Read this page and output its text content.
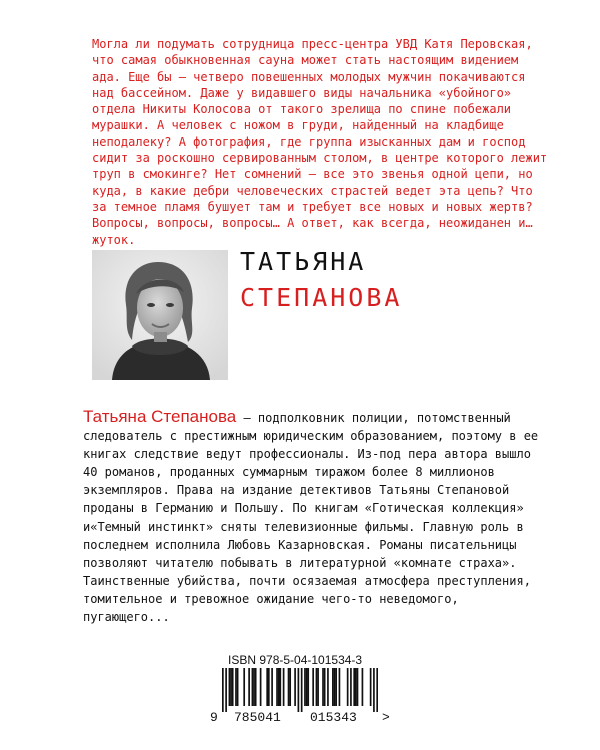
Могла ли подумать сотрудница пресс-центра УВД Катя Перовская,
что самая обыкновенная сауна может стать настоящим видением
ада. Еще бы – четверо повешенных молодых мужчин покачиваются
над бассейном. Даже у видавшего виды начальника «убойного»
отдела Никиты Колосова от такого зрелища по спине побежали
мурашки. А человек с ножом в груди, найденный на кладбище
неподалеку? А фотография, где группа изысканных дам и господ
сидит за роскошно сервированным столом, в центре которого лежит
труп в смокинге? Нет сомнений – все это звенья одной цепи, но
куда, в какие дебри человеческих страстей ведет эта цепь? Что
за темное пламя бушует там и требует все новых и новых жертв?
Вопросы, вопросы, вопросы… А ответ, как всегда, неожиданен и…
жуток.

ТАТЬЯНА
СТЕПАНОВА

Татьяна Степанова – подполковник полиции, потомственный
следователь с престижным юридическим образованием, поэтому в ее
книгах следствие ведут профессионалы. Из-под пера автора вышло
40 романов, проданных суммарным тиражом более 8 миллионов
экземпляров. Права на издание детективов Татьяны Степановой
проданы в Германию и Польшу. По книгам «Готическая коллекция»
и«Темный инстинкт» сняты телевизионные фильмы. Главную роль в
последнем исполнила Любовь Казарновская. Романы писательницы
позволяют читателю побывать в литературной «комнате страха».
Таинственные убийства, почти осязаемая атмосфера преступления,
томительное и тревожное ожидание чего-то неведомого,
пугающего...

ISBN 978-5-04-101534-3
9 785041 015343 >
